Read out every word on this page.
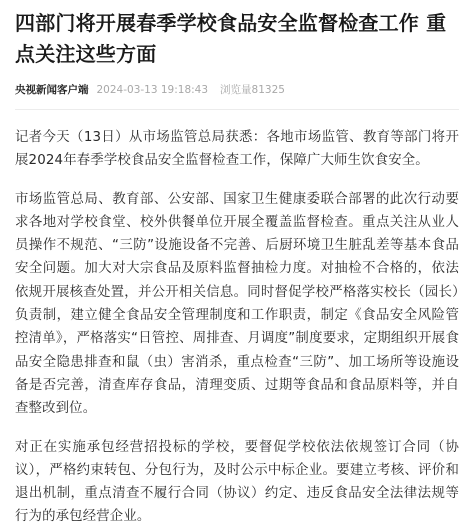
四部门将开展春季学校食品安全监督检查工作 重点关注这些方面
央视新闻客户端 2024-03-13 19:18:43 浏览量81325

记者今天（13日）从市场监管总局获悉：各地市场监管、教育等部门将开展2024年春季学校食品安全监督检查工作，保障广大师生饮食安全。

市场监管总局、教育部、公安部、国家卫生健康委联合部署的此次行动要求各地对学校食堂、校外供餐单位开展全覆盖监督检查。重点关注从业人员操作不规范、“三防”设施设备不完善、后厨环境卫生脏乱差等基本食品安全问题。加大对大宗食品及原料监督抽检力度。对抽检不合格的，依法依规开展核查处置，并公开相关信息。同时督促学校严格落实校长（园长）负责制，建立健全食品安全管理制度和工作职责，制定《食品安全风险管控清单》，严格落实“日管控、周排查、月调度”制度要求，定期组织开展食品安全隐患排查和鼠（虫）害消杀，重点检查“三防”、加工场所等设施设备是否完善，清查库存食品，清理变质、过期等食品和食品原料等，并自查整改到位。

对正在实施承包经营招投标的学校，要督促学校依法依规签订合同（协议），严格约束转包、分包行为，及时公示中标企业。要建立考核、评价和退出机制，重点清查不履行合同（协议）约定、违反食品安全法律法规等行为的承包经营企业。
